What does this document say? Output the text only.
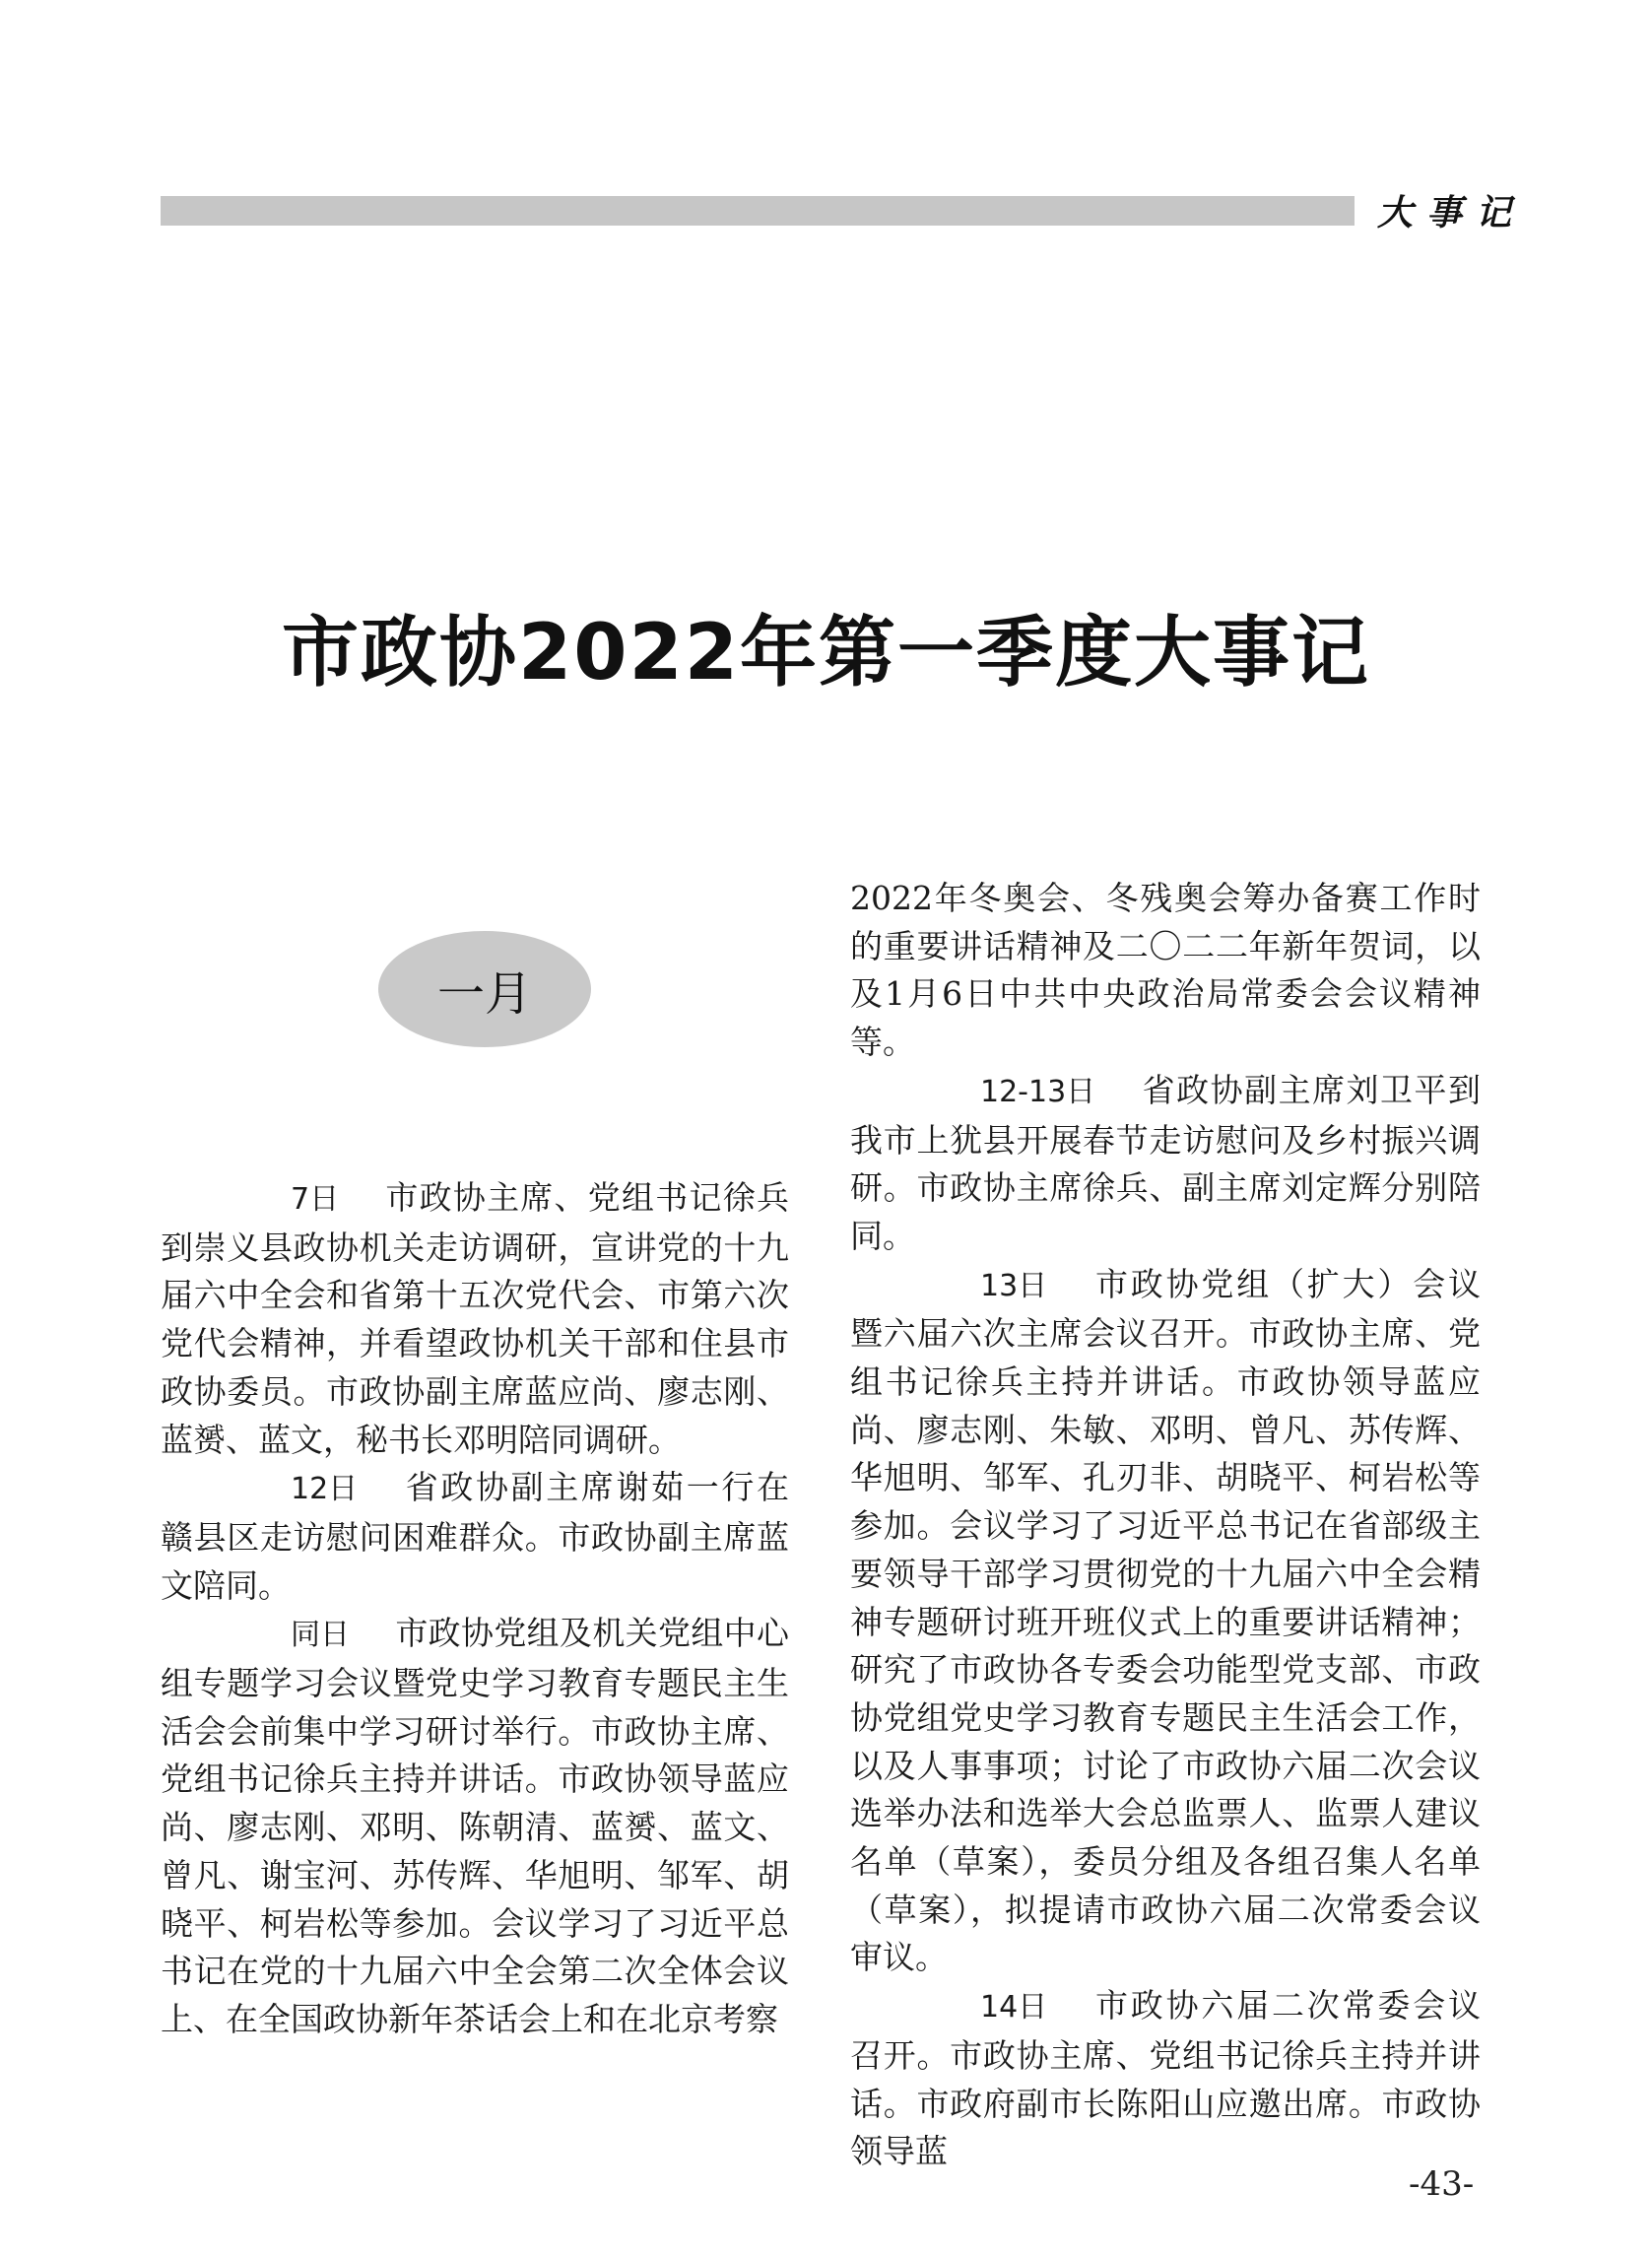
大事记
市政协2022年第一季度大事记
一月

7日 市政协主席、党组书记徐兵到崇义县政协机关走访调研，宣讲党的十九届六中全会和省第十五次党代会、市第六次党代会精神，并看望政协机关干部和住县市政协委员。市政协副主席蓝应尚、廖志刚、蓝赟、蓝文，秘书长邓明陪同调研。

12日 省政协副主席谢茹一行在赣县区走访慰问困难群众。市政协副主席蓝文陪同。

同日 市政协党组及机关党组中心组专题学习会议暨党史学习教育专题民主生活会会前集中学习研讨举行。市政协主席、党组书记徐兵主持并讲话。市政协领导蓝应尚、廖志刚、邓明、陈朝清、蓝赟、蓝文、曾凡、谢宝河、苏传辉、华旭明、邹军、胡晓平、柯岩松等参加。会议学习了习近平总书记在党的十九届六中全会第二次全体会议上、在全国政协新年茶话会上和在北京考察

2022年冬奥会、冬残奥会筹办备赛工作时的重要讲话精神及二〇二二年新年贺词，以及1月6日中共中央政治局常委会会议精神等。

12-13日 省政协副主席刘卫平到我市上犹县开展春节走访慰问及乡村振兴调研。市政协主席徐兵、副主席刘定辉分别陪同。

13日 市政协党组（扩大）会议暨六届六次主席会议召开。市政协主席、党组书记徐兵主持并讲话。市政协领导蓝应尚、廖志刚、朱敏、邓明、曾凡、苏传辉、华旭明、邹军、孔刃非、胡晓平、柯岩松等参加。会议学习了习近平总书记在省部级主要领导干部学习贯彻党的十九届六中全会精神专题研讨班开班仪式上的重要讲话精神；研究了市政协各专委会功能型党支部、市政协党组党史学习教育专题民主生活会工作，以及人事事项；讨论了市政协六届二次会议选举办法和选举大会总监票人、监票人建议名单（草案），委员分组及各组召集人名单（草案），拟提请市政协六届二次常委会议审议。

14日 市政协六届二次常委会议召开。市政协主席、党组书记徐兵主持并讲话。市政府副市长陈阳山应邀出席。市政协领导蓝

-43-
